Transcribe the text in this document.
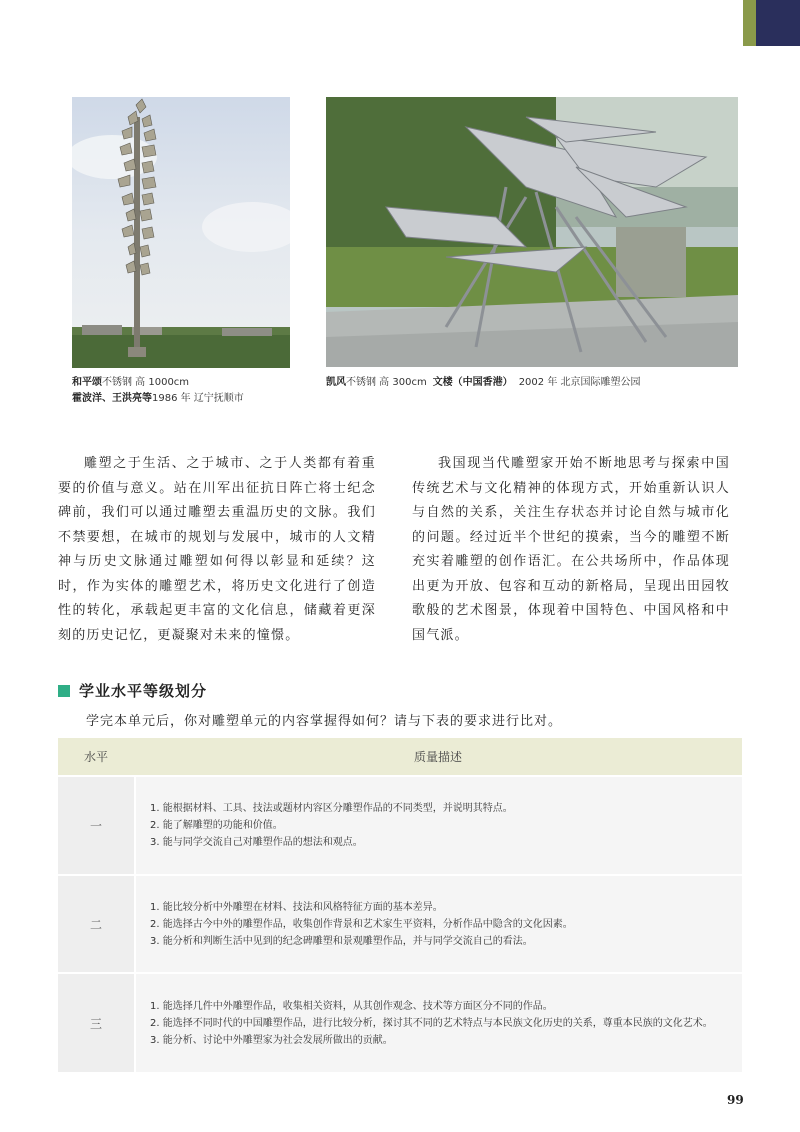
和平颂不锈钢 高 1000cm
霍波洋、王洪亮等1986 年 辽宁抚顺市
凯风不锈钢 高 300cm 文楼（中国香港） 2002 年 北京国际雕塑公园

雕塑之于生活、之于城市、之于人类都有着重要的价值与意义。站在川军出征抗日阵亡将士纪念碑前，我们可以通过雕塑去重温历史的文脉。我们不禁要想，在城市的规划与发展中，城市的人文精神与历史文脉通过雕塑如何得以彰显和延续？这时，作为实体的雕塑艺术，将历史文化进行了创造性的转化，承载起更丰富的文化信息，储藏着更深刻的历史记忆，更凝聚对未来的憧憬。

我国现当代雕塑家开始不断地思考与探索中国传统艺术与文化精神的体现方式，开始重新认识人与自然的关系，关注生存状态并讨论自然与城市化的问题。经过近半个世纪的摸索，当今的雕塑不断充实着雕塑的创作语汇。在公共场所中，作品体现出更为开放、包容和互动的新格局，呈现出田园牧歌般的艺术图景，体现着中国特色、中国风格和中国气派。

学业水平等级划分

学完本单元后，你对雕塑单元的内容掌握得如何？请与下表的要求进行比对。

水平	质量描述
一
1. 能根据材料、工具、技法或题材内容区分雕塑作品的不同类型，并说明其特点。
2. 能了解雕塑的功能和价值。
3. 能与同学交流自己对雕塑作品的想法和观点。
二
1. 能比较分析中外雕塑在材料、技法和风格特征方面的基本差异。
2. 能选择古今中外的雕塑作品，收集创作背景和艺术家生平资料，分析作品中隐含的文化因素。
3. 能分析和判断生活中见到的纪念碑雕塑和景观雕塑作品，并与同学交流自己的看法。
三
1. 能选择几件中外雕塑作品，收集相关资料，从其创作观念、技术等方面区分不同的作品。
2. 能选择不同时代的中国雕塑作品，进行比较分析，探讨其不同的艺术特点与本民族文化历史的关系，尊重本民族的文化艺术。
3. 能分析、讨论中外雕塑家为社会发展所做出的贡献。
99
